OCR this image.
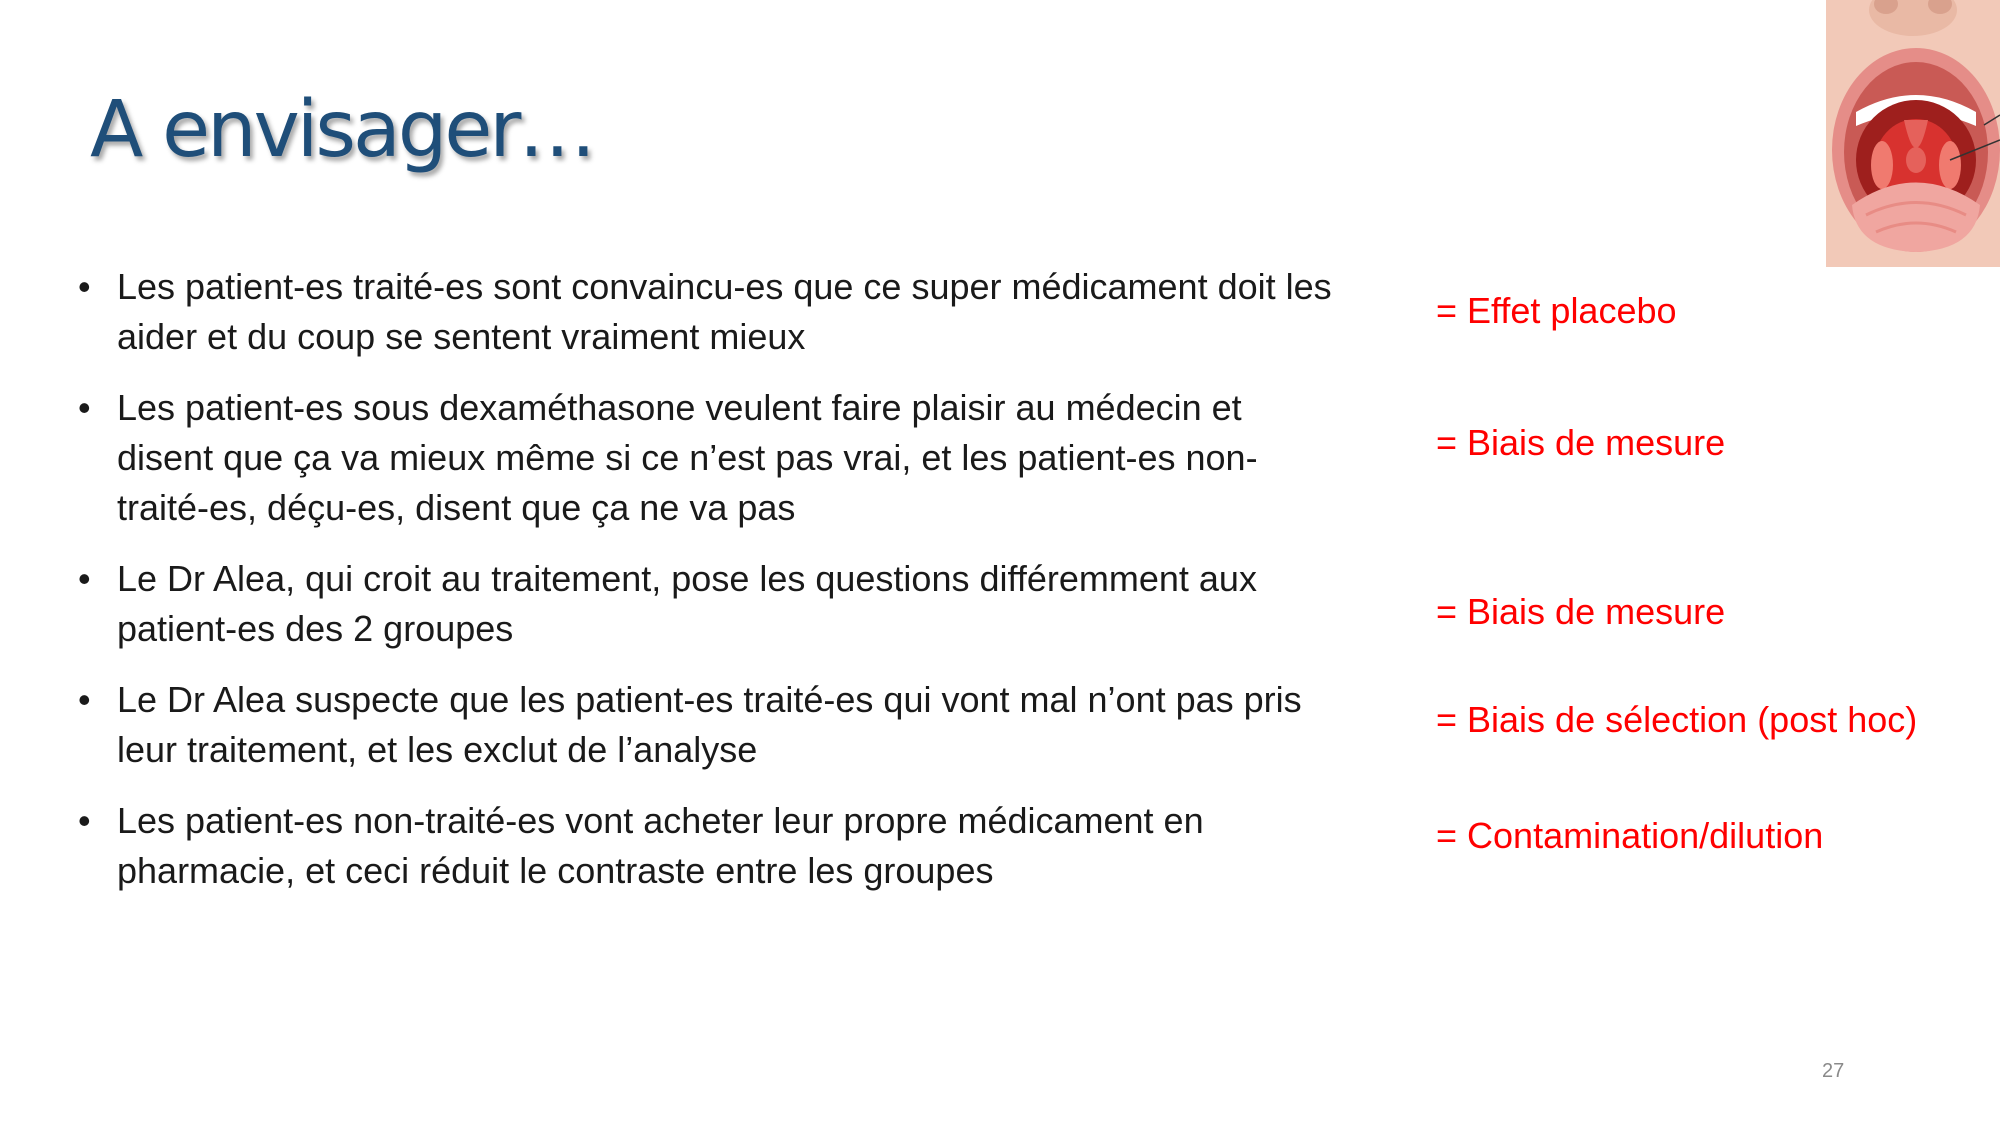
A envisager…
• Les patient-es traité-es sont convaincu-es que ce super médicament doit les aider et du coup se sentent vraiment mieux
• Les patient-es sous dexaméthasone veulent faire plaisir au médecin et disent que ça va mieux même si ce n’est pas vrai, et les patient-es non-traité-es, déçu-es, disent que ça ne va pas
• Le Dr Alea, qui croit au traitement, pose les questions différemment aux patient-es des 2 groupes
• Le Dr Alea suspecte que les patient-es traité-es qui vont mal n’ont pas pris leur traitement, et les exclut de l’analyse
• Les patient-es non-traité-es vont acheter leur propre médicament en pharmacie, et ceci réduit le contraste entre les groupes
= Effet placebo
= Biais de mesure
= Biais de mesure
= Biais de sélection (post hoc)
= Contamination/dilution
27
